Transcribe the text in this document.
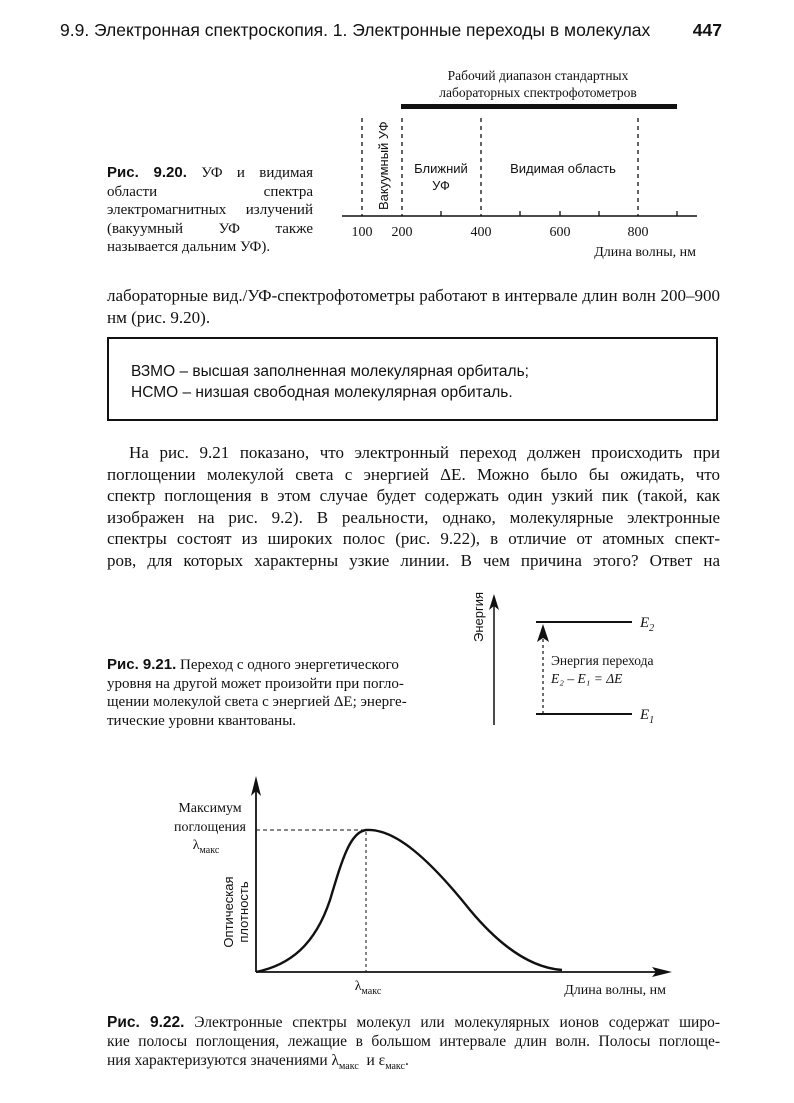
9.9. Электронная спектроскопия. 1. Электронные переходы в молекулах 447
Рис. 9.20. УФ и видимая области спектра электромагнитных излучений (вакуумный УФ также называется дальним УФ).
Рабочий диапазон стандартных
лабораторных спектрофотометров
Вакуумный УФ Ближний
УФ
Видимая область
100 200	400	600	800
Длина волны, нм
лабораторные вид./УФ-спектрофотометры работают в интервале длин волн 200–900 нм (рис. 9.20).
ВЗМО – высшая заполненная молекулярная орбиталь;
НСМО – низшая свободная молекулярная орбиталь.
На рис. 9.21 показано, что электронный переход должен происходить при
поглощении молекулой света с энергией ΔE. Можно было бы ожидать, что
спектр поглощения в этом случае будет содержать один узкий пик (такой, как
изображен на рис. 9.2). В реальности, однако, молекулярные электронные
спектры состоят из широких полос (рис. 9.22), в отличие от атомных спект-
ров, для которых характерны узкие линии. В чем причина этого? Ответ на
Рис. 9.21. Переход с одного энергетического
уровня на другой может произойти при погло-
щении молекулой света с энергией ΔE; энерге-
тические уровни квантованы.
Энергия	$E_2$
$E_1$
Энергия перехода
E₂ – E₁ = ΔE
Максимум
поглощения
$\lambda_{макс}$
$\lambda_{макс}$	Длина волны, нм
Оптическая плотность
Рис. 9.22. Электронные спектры молекул или молекулярных ионов содержат широ-
кие полосы поглощения, лежащие в большом интервале длин волн. Полосы поглоще-
ния характеризуются значениями $\lambda_{макс}$  и $\varepsilon_{макс}$.
